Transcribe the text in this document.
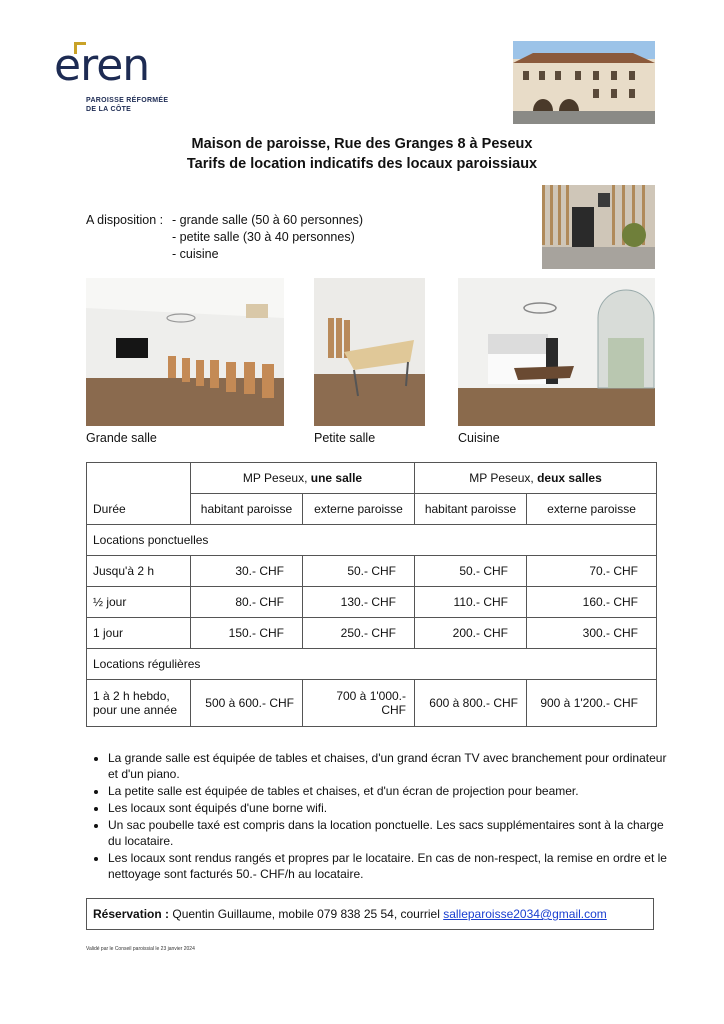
eren
PAROISSE RÉFORMÉE
DE LA CÔTE
Maison de paroisse, Rue des Granges 8 à Peseux
Tarifs de location indicatifs des locaux paroissiaux
A disposition : - grande salle (50 à 60 personnes)
- petite salle (30 à 40 personnes)
- cuisine
Grande salle	Petite salle	Cuisine
	MP Peseux, une salle		MP Peseux, deux salles	
Durée	habitant paroisse	externe paroisse	habitant paroisse	externe paroisse
Locations ponctuelles				
Jusqu'à 2 h	30.- CHF	50.- CHF	50.- CHF	70.- CHF
½ jour	80.- CHF	130.- CHF	110.- CHF	160.- CHF
1 jour	150.- CHF	250.- CHF	200.- CHF	300.- CHF
Locations régulières				

1 à 2 h hebdo,
pour une année	500 à 600.- CHF	700 à 1'000.- CHF	600 à 800.- CHF	900 à 1'200.- CHF
• La grande salle est équipée de tables et chaises, d'un grand écran TV avec branchement pour ordinateur et d'un piano.
• La petite salle est équipée de tables et chaises, et d'un écran de projection pour beamer.
• Les locaux sont équipés d'une borne wifi.
• Un sac poubelle taxé est compris dans la location ponctuelle. Les sacs supplémentaires sont à la charge du locataire.
• Les locaux sont rendus rangés et propres par le locataire. En cas de non-respect, la remise en ordre et le nettoyage sont facturés 50.- CHF/h au locataire.
Réservation : Quentin Guillaume, mobile 079 838 25 54, courriel salleparoisse2034@gmail.com
Validé par le Conseil paroissial le 23 janvier 2024
